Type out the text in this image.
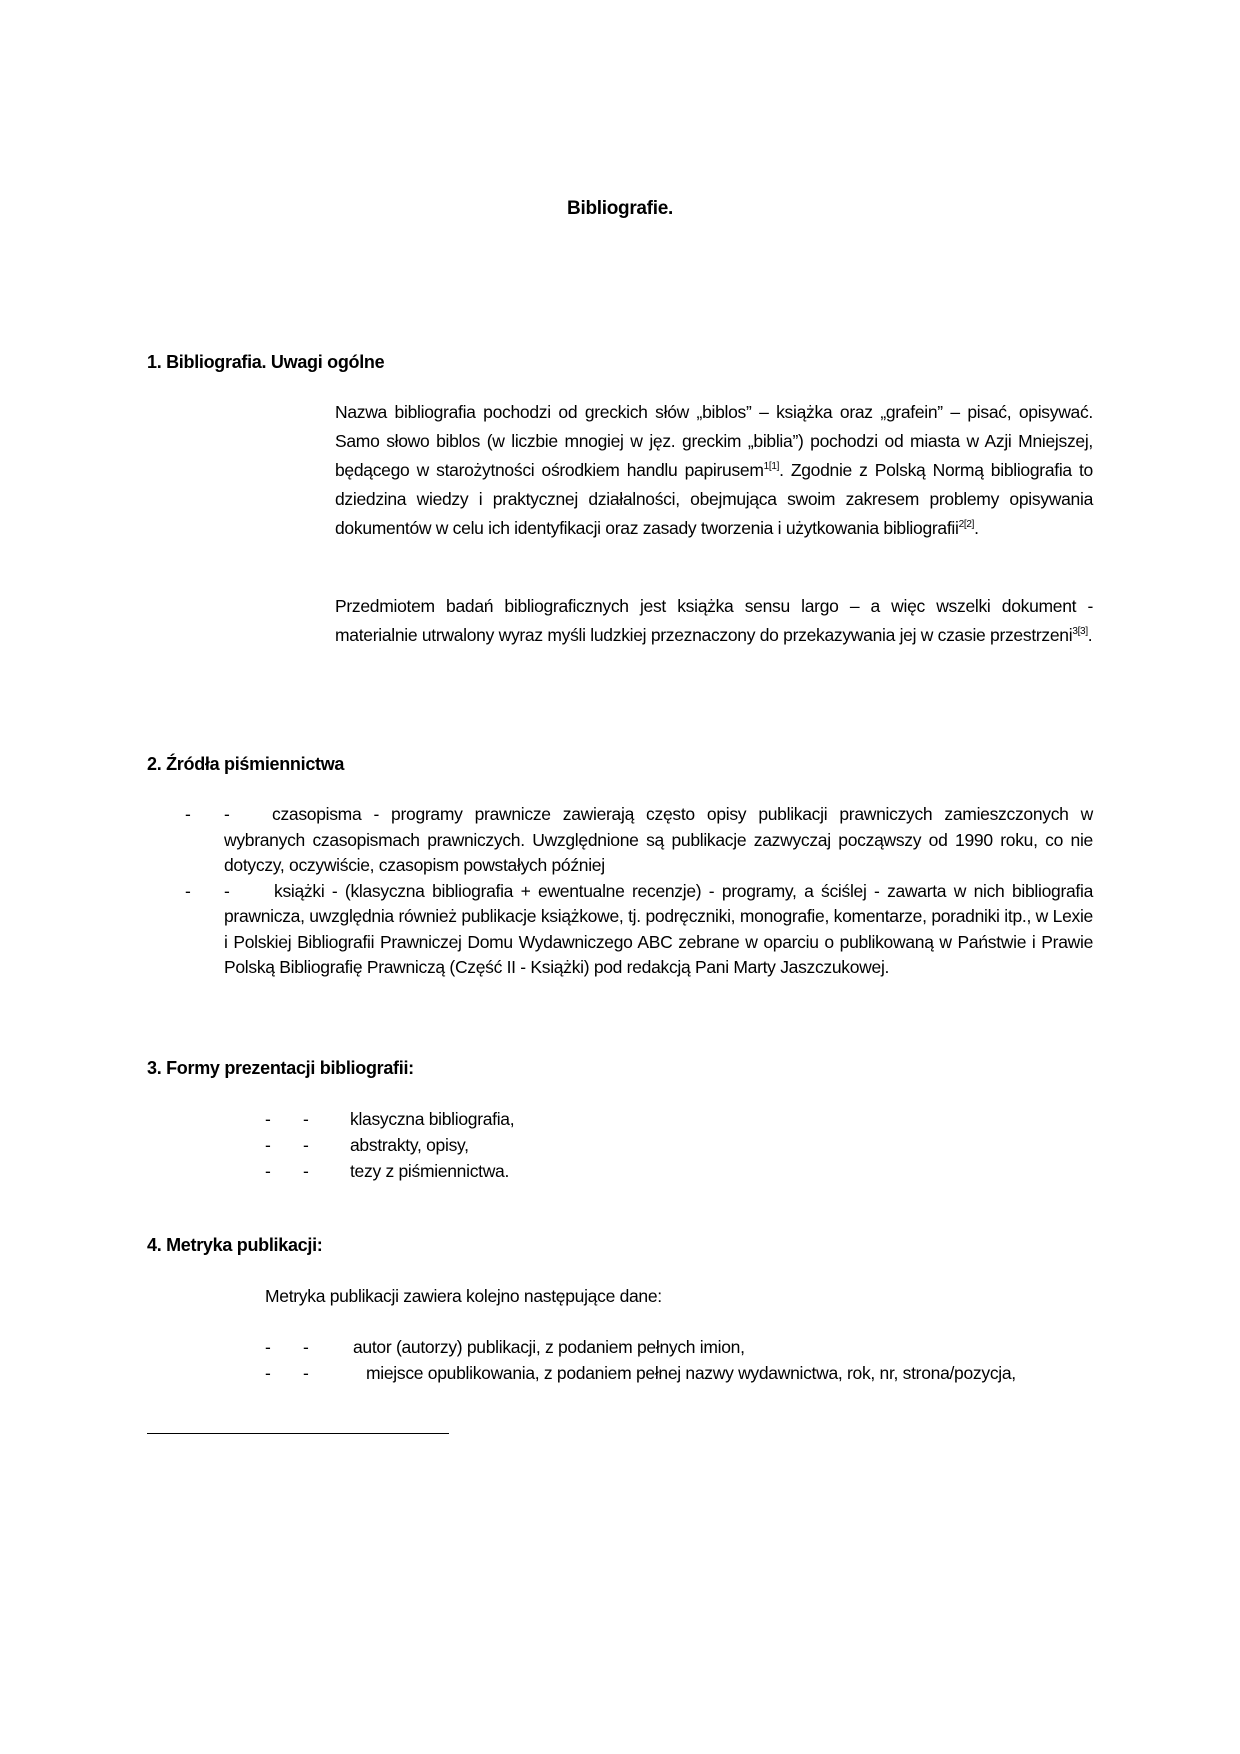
Bibliografie.
1. Bibliografia. Uwagi ogólne
Nazwa bibliografia pochodzi od greckich słów „biblos” – książka oraz „grafein” – pisać, opisywać. Samo słowo biblos (w liczbie mnogiej w jęz. greckim „biblia”) pochodzi od miasta w Azji Mniejszej, będącego w starożytności ośrodkiem handlu papirusem$^{1[1]}$. Zgodnie z Polską Normą bibliografia to dziedzina wiedzy i praktycznej działalności, obejmująca swoim zakresem problemy opisywania dokumentów w celu ich identyfikacji oraz zasady tworzenia i użytkowania bibliografii$^{2[2]}$.
Przedmiotem badań bibliograficznych jest książka sensu largo – a więc wszelki dokument - materialnie utrwalony wyraz myśli ludzkiej przeznaczony do przekazywania jej w czasie przestrzeni$^{3[3]}$.
2. Źródła piśmiennictwa
- -	czasopisma - programy prawnicze zawierają często opisy publikacji prawniczych zamieszczonych w wybranych czasopismach prawniczych. Uwzględnione są publikacje zazwyczaj począwszy od 1990 roku, co nie dotyczy, oczywiście, czasopism powstałych później
- -	książki - (klasyczna bibliografia + ewentualne recenzje) - programy, a ściślej - zawarta w nich bibliografia prawnicza, uwzględnia również publikacje książkowe, tj. podręczniki, monografie, komentarze, poradniki itp., w Lexie i Polskiej Bibliografii Prawniczej Domu Wydawniczego ABC zebrane w oparciu o publikowaną w Państwie i Prawie Polską Bibliografię Prawniczą (Część II - Książki) pod redakcją Pani Marty Jaszczukowej.
3. Formy prezentacji bibliografii:
- - klasyczna bibliografia,
- - abstrakty, opisy,
- - tezy z piśmiennictwa.
4. Metryka publikacji:
Metryka publikacji zawiera kolejno następujące dane:
- -	autor (autorzy) publikacji, z podaniem pełnych imion,
- -	miejsce opublikowania, z podaniem pełnej nazwy wydawnictwa, rok, nr, strona/pozycja,
